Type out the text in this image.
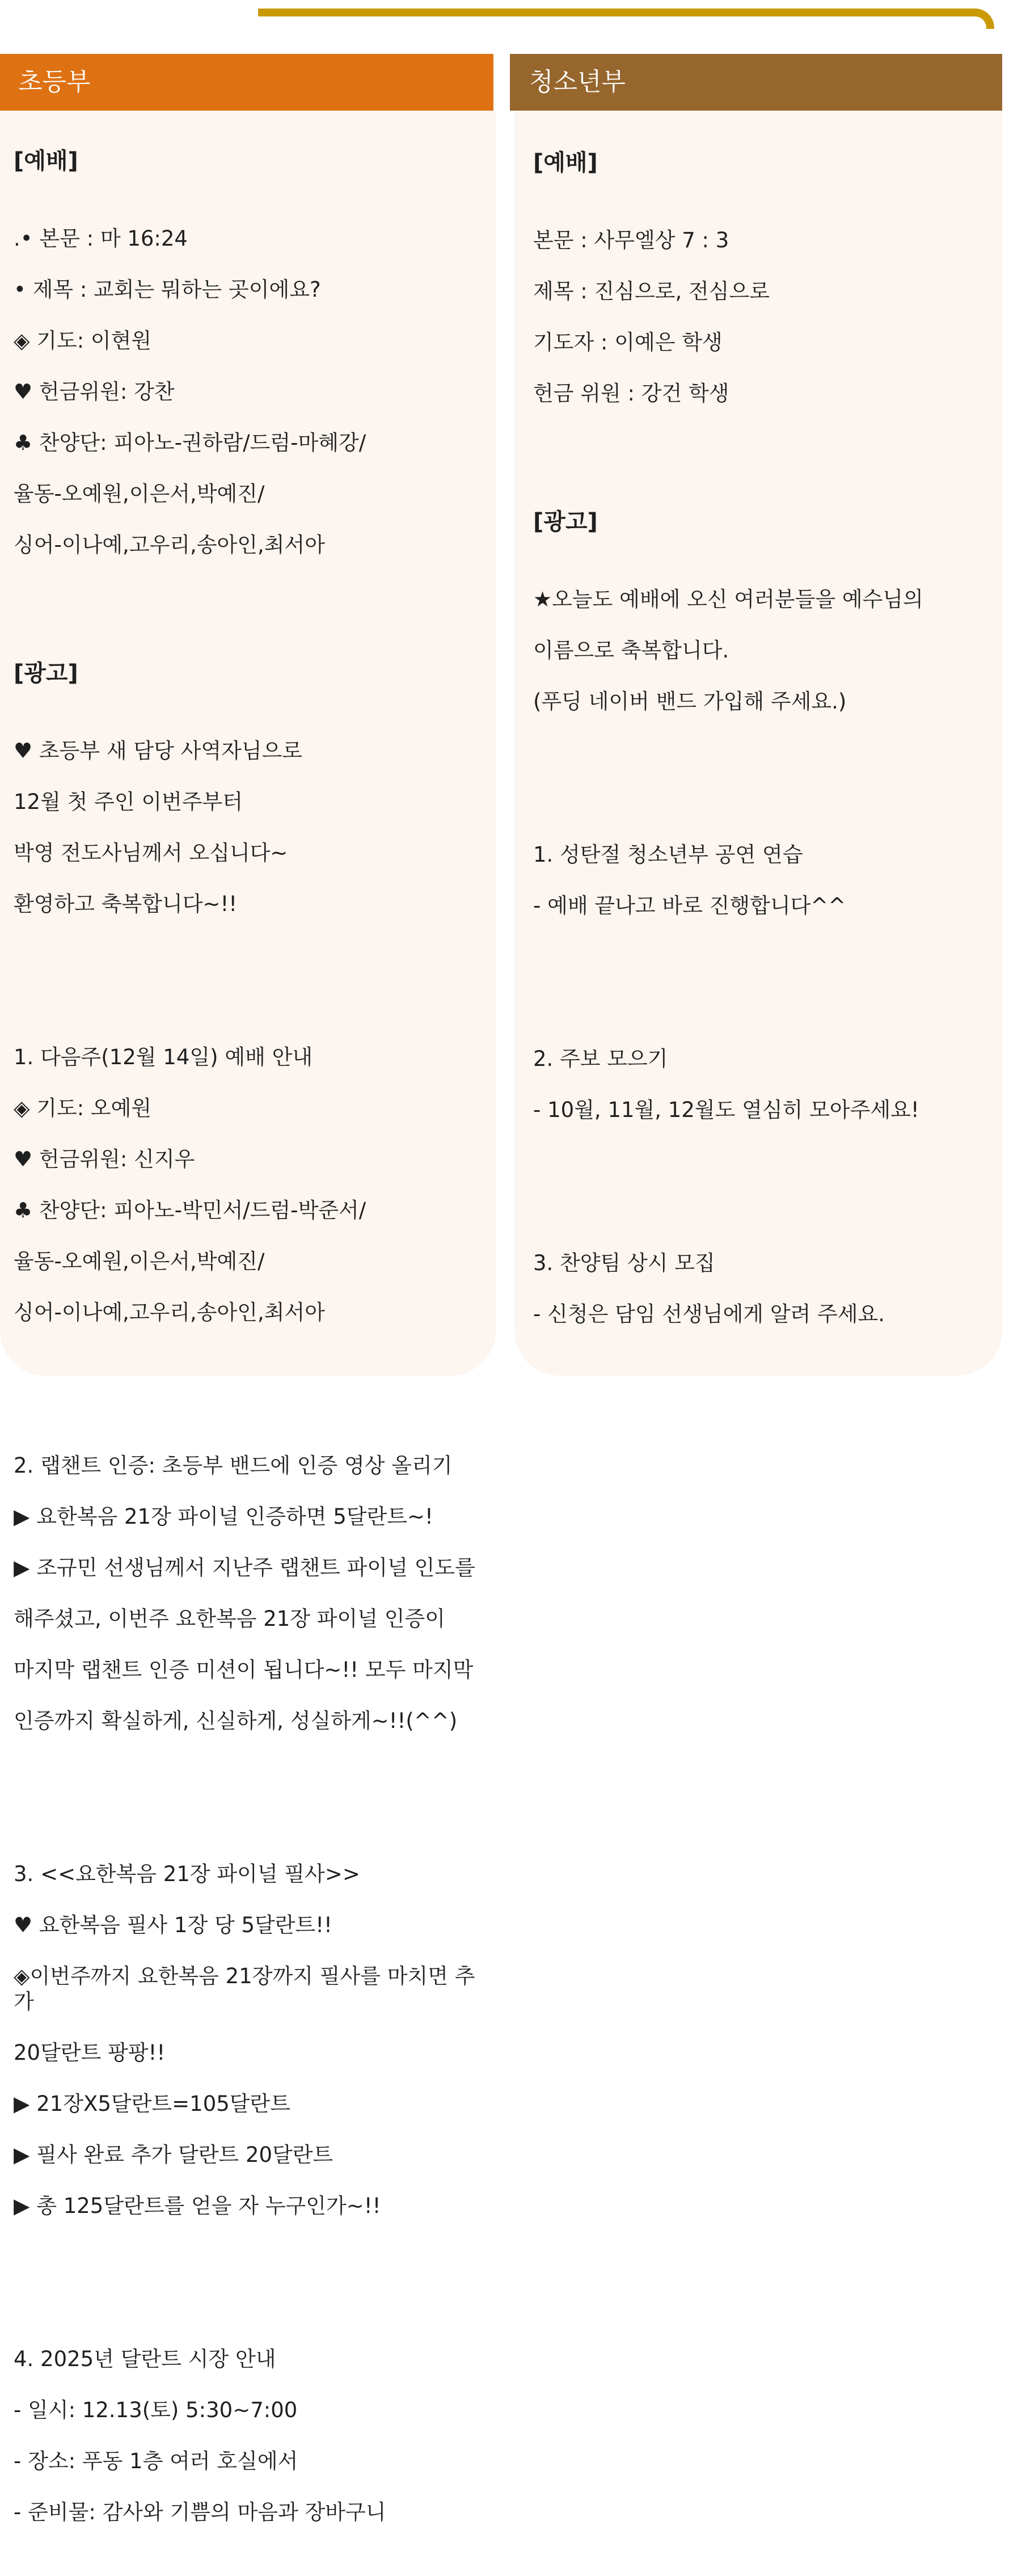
초등부	청소년부

[예배]

.• 본문 : 마 16:24

• 제목 : 교회는 뭐하는 곳이에요?

◈ 기도: 이현원

♥ 헌금위원: 강찬

♣ 찬양단: 피아노-권하람/드럼-마혜강/

율동-오예원,이은서,박예진/

싱어-이나예,고우리,송아인,최서아

[광고]

♥ 초등부 새 담당 사역자님으로

12월 첫 주인 이번주부터

박영 전도사님께서 오십니다~

환영하고 축복합니다~!!

1. 다음주(12월 14일) 예배 안내

◈ 기도: 오예원

♥ 헌금위원: 신지우

♣ 찬양단: 피아노-박민서/드럼-박준서/

율동-오예원,이은서,박예진/

싱어-이나예,고우리,송아인,최서아

2. 랩챈트 인증: 초등부 밴드에 인증 영상 올리기

▶ 요한복음 21장 파이널 인증하면 5달란트~!

▶ 조규민 선생님께서 지난주 랩챈트 파이널 인도를

해주셨고, 이번주 요한복음 21장 파이널 인증이

마지막 랩챈트 인증 미션이 됩니다~!! 모두 마지막

인증까지 확실하게, 신실하게, 성실하게~!!(^^)

3. <<요한복음 21장 파이널 필사>>

♥ 요한복음 필사 1장 당 5달란트!!

◈이번주까지 요한복음 21장까지 필사를 마치면 추가

20달란트 팡팡!!

▶ 21장X5달란트=105달란트

▶ 필사 완료 추가 달란트 20달란트

▶ 총 125달란트를 얻을 자 누구인가~!!

4. 2025년 달란트 시장 안내

- 일시: 12.13(토) 5:30~7:00

- 장소: 푸동 1층 여러 호실에서

- 준비물: 감사와 기쁨의 마음과 장바구니

[예배]

본문 : 사무엘상 7 : 3

제목 : 진심으로, 전심으로

기도자 : 이예은 학생

헌금 위원 : 강건 학생

[광고]

★오늘도 예배에 오신 여러분들을 예수님의

이름으로 축복합니다.

(푸딩 네이버 밴드 가입해 주세요.)

1. 성탄절 청소년부 공연 연습

- 예배 끝나고 바로 진행합니다^^

2. 주보 모으기

- 10월, 11월, 12월도 열심히 모아주세요!

3. 찬양팀 상시 모집

- 신청은 담임 선생님에게 알려 주세요.
